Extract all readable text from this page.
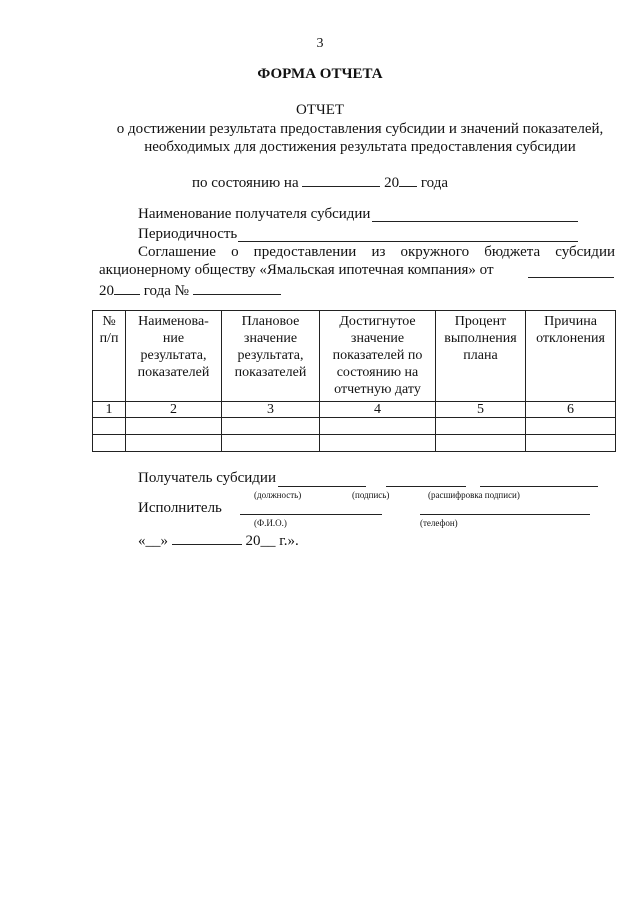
3
ФОРМА ОТЧЕТА
ОТЧЕТ
о достижении результата предоставления субсидии и значений показателей,
необходимых для достижения результата предоставления субсидии
по состоянию на	20 года
Наименование получателя субсидии
Периодичность
Соглашение о предоставлении из окружного бюджета субсидии
акционерному обществу «Ямальская ипотечная компания» от
20 года №
№ п/п	Наименова-ние результата, показателей	Плановое значение результата, показателей	Достигнутое значение показателей по состоянию на отчетную дату	Процент выполнения плана	Причина отклонения
1	2	3	4	5	6

Получатель субсидии
(должность)	(подпись)	(расшифровка подписи)
Исполнитель
(Ф.И.О.)	(телефон)
«__»	20__ г.».
